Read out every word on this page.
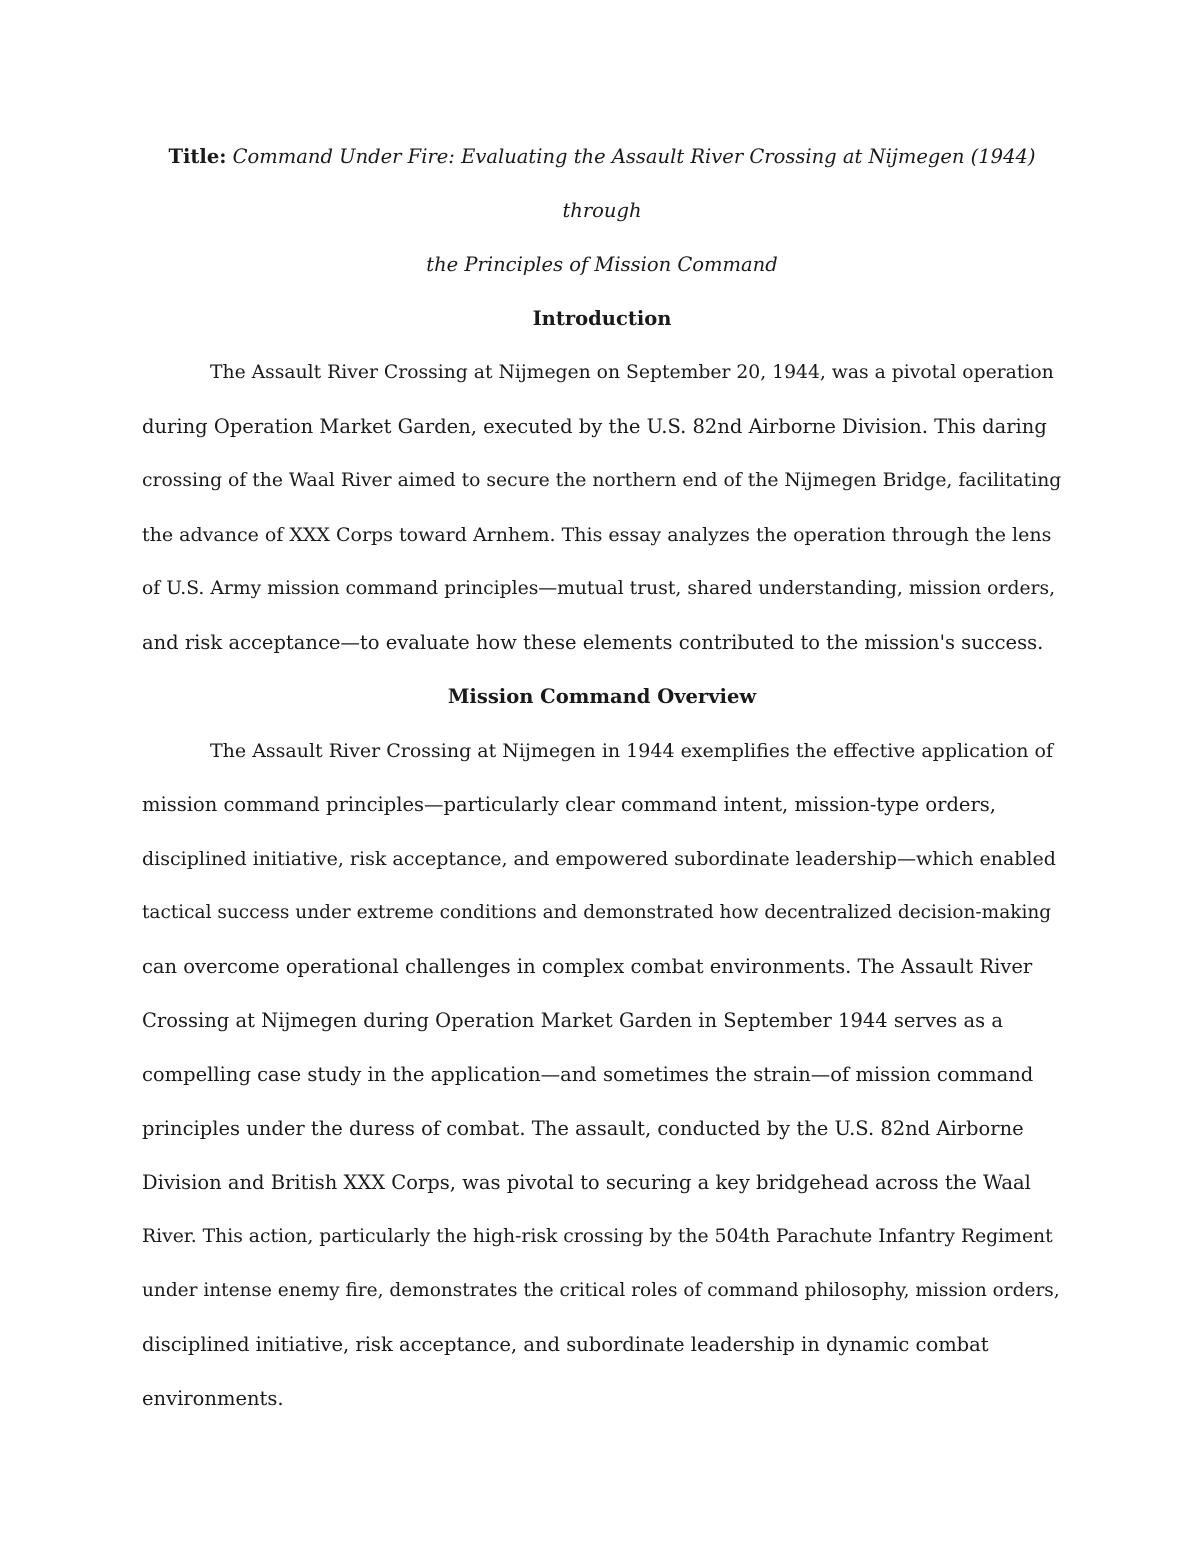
Title: Command Under Fire: Evaluating the Assault River Crossing at Nijmegen (1944) through

the Principles of Mission Command

Introduction

The Assault River Crossing at Nijmegen on September 20, 1944, was a pivotal operation
during Operation Market Garden, executed by the U.S. 82nd Airborne Division. This daring
crossing of the Waal River aimed to secure the northern end of the Nijmegen Bridge, facilitating
the advance of XXX Corps toward Arnhem. This essay analyzes the operation through the lens
of U.S. Army mission command principles—mutual trust, shared understanding, mission orders,
and risk acceptance—to evaluate how these elements contributed to the mission's success.

Mission Command Overview

The Assault River Crossing at Nijmegen in 1944 exemplifies the effective application of
mission command principles—particularly clear command intent, mission-type orders,
disciplined initiative, risk acceptance, and empowered subordinate leadership—which enabled
tactical success under extreme conditions and demonstrated how decentralized decision-making
can overcome operational challenges in complex combat environments. The Assault River
Crossing at Nijmegen during Operation Market Garden in September 1944 serves as a
compelling case study in the application—and sometimes the strain—of mission command
principles under the duress of combat. The assault, conducted by the U.S. 82nd Airborne
Division and British XXX Corps, was pivotal to securing a key bridgehead across the Waal
River. This action, particularly the high-risk crossing by the 504th Parachute Infantry Regiment
under intense enemy fire, demonstrates the critical roles of command philosophy, mission orders,
disciplined initiative, risk acceptance, and subordinate leadership in dynamic combat
environments.
